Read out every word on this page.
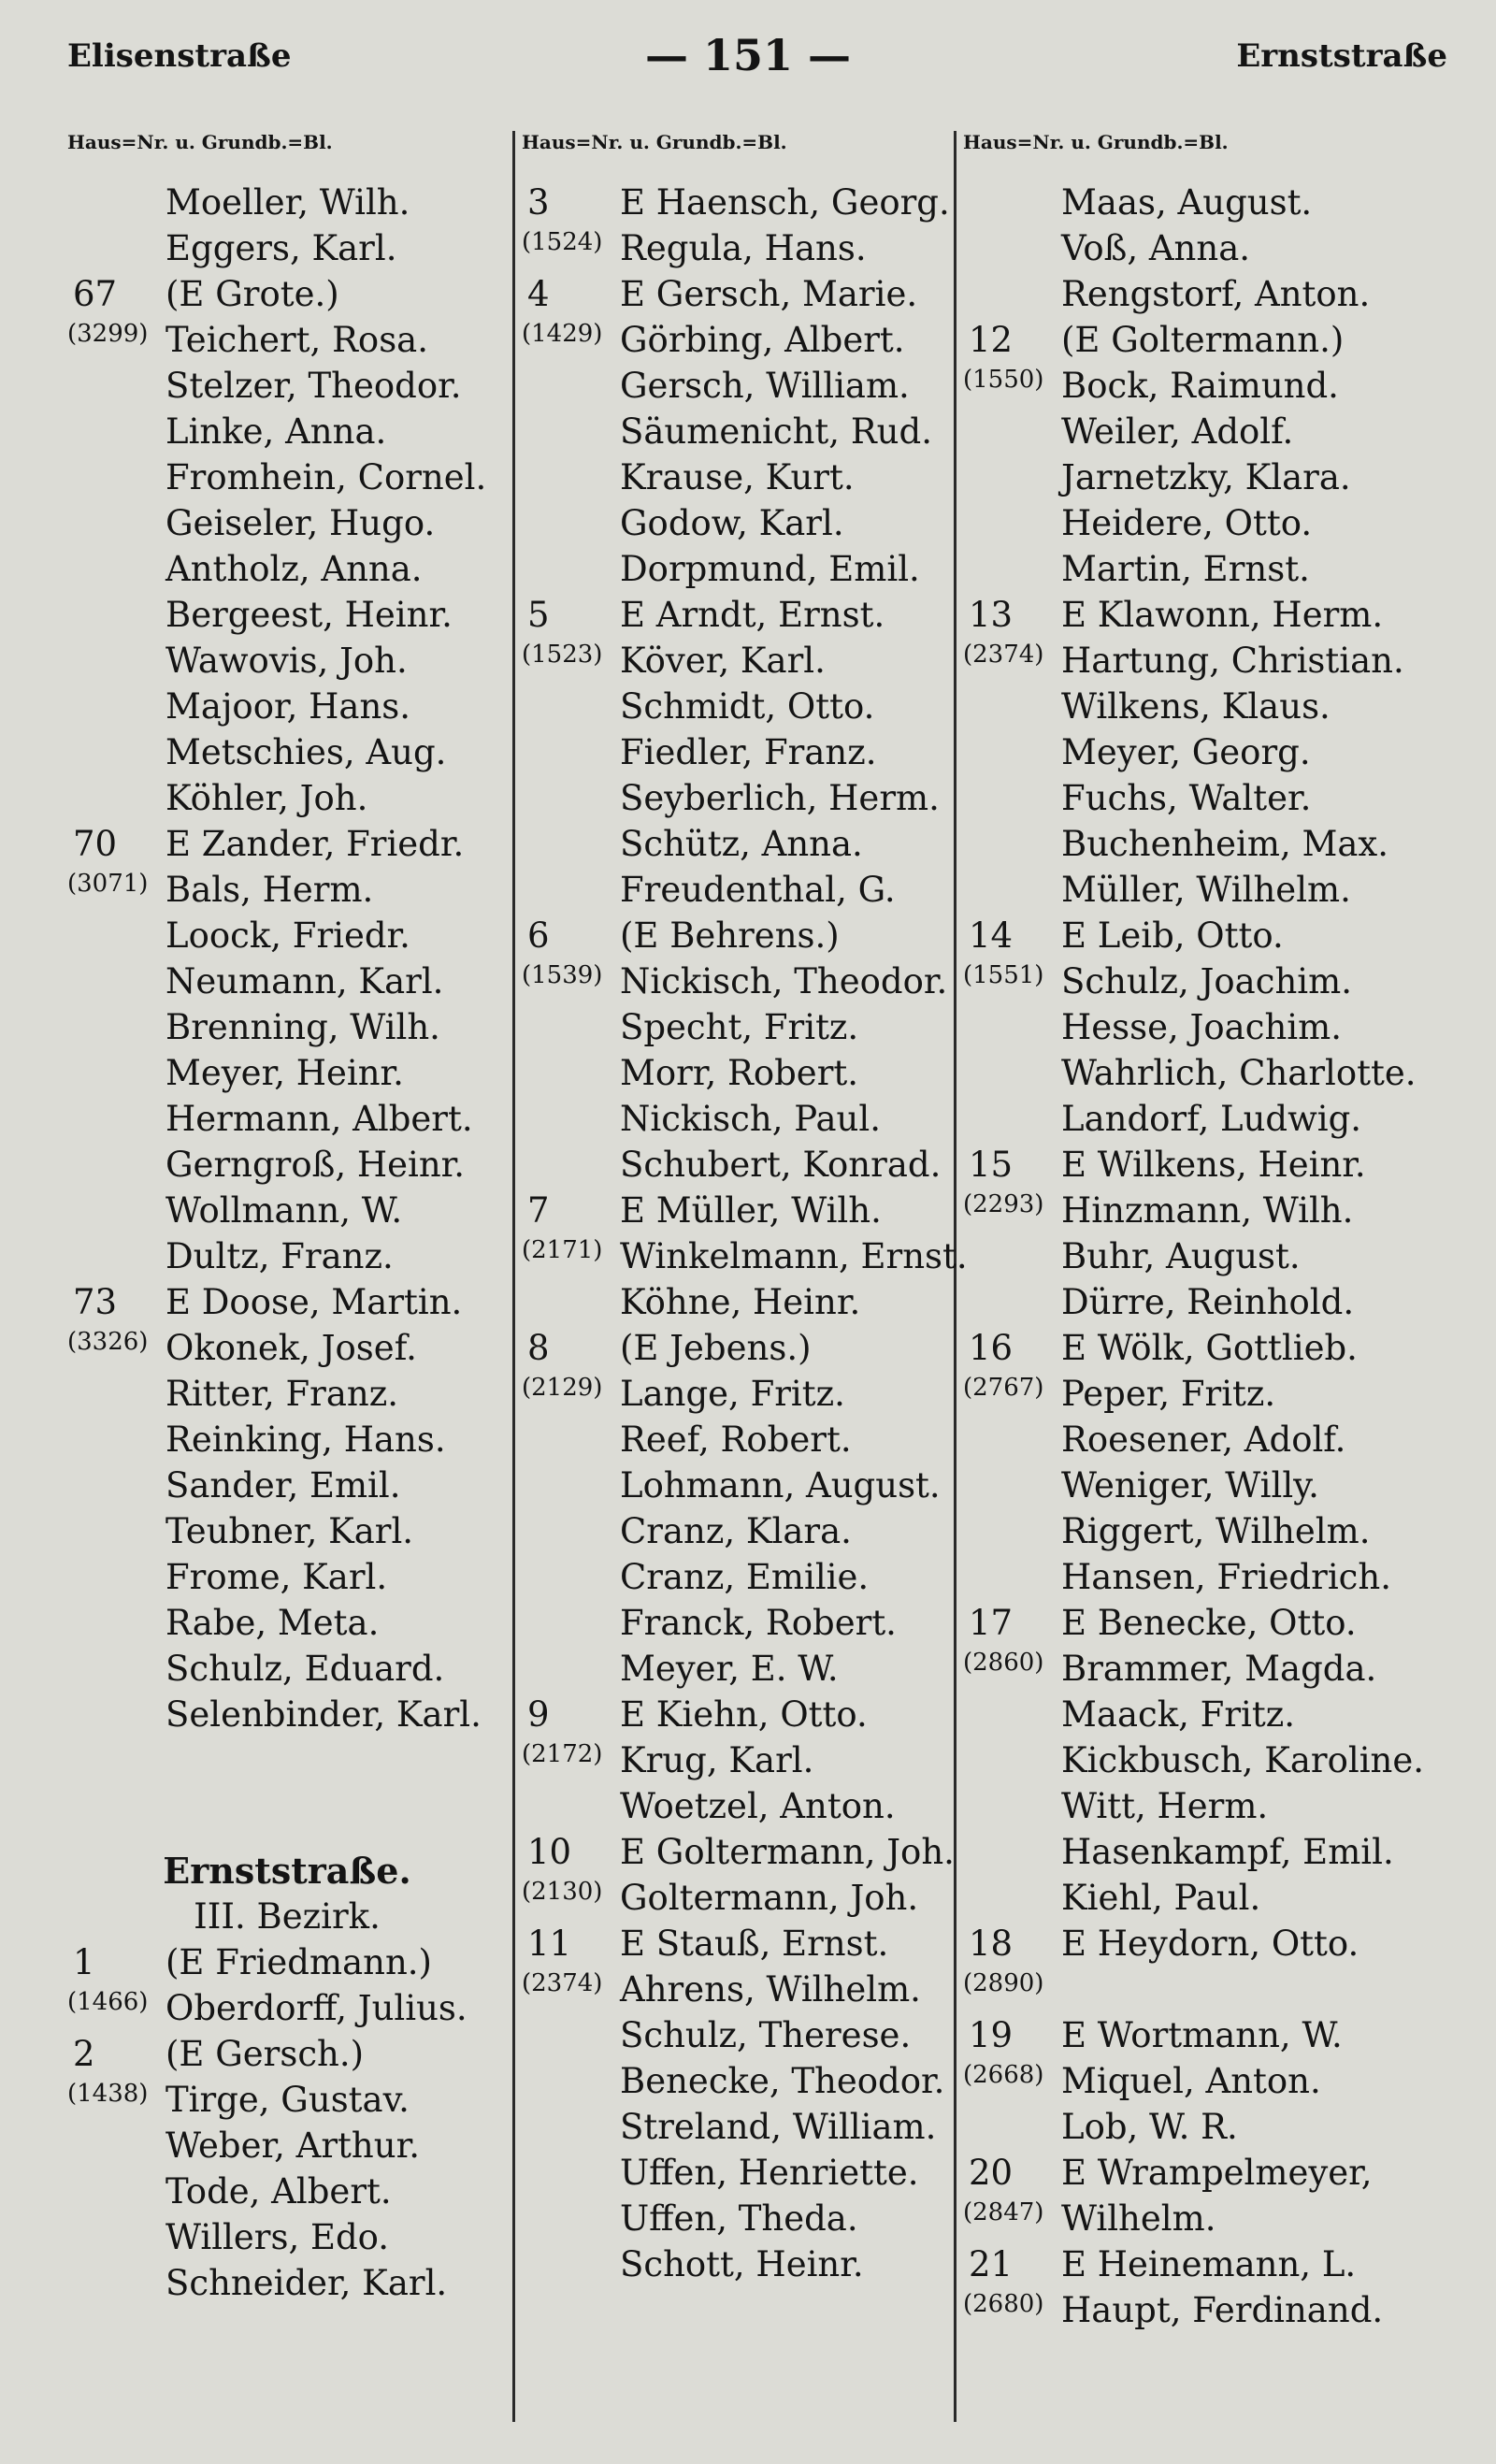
Elisenstraße	— 151 —	Ernststraße
Haus=Nr. u. Grundb.=Bl.
Moeller, Wilh.
Eggers, Karl.
67 (E Grote.)
(3299) Teichert, Rosa.
Stelzer, Theodor.
Linke, Anna.
Fromhein, Cornel.
Geiseler, Hugo.
Antholz, Anna.
Bergeest, Heinr.
Wawovis, Joh.
Majoor, Hans.
Metschies, Aug.
Köhler, Joh.
70 E Zander, Friedr.
(3071) Bals, Herm.
Loock, Friedr.
Neumann, Karl.
Brenning, Wilh.
Meyer, Heinr.
Hermann, Albert.
Gerngroß, Heinr.
Wollmann, W.
Dultz, Franz.
73 E Doose, Martin.
(3326) Okonek, Josef.
Ritter, Franz.
Reinking, Hans.
Sander, Emil.
Teubner, Karl.
Frome, Karl.
Rabe, Meta.
Schulz, Eduard.
Selenbinder, Karl.
Ernststraße.
III. Bezirk.
1 (E Friedmann.)
(1466) Oberdorff, Julius.
2 (E Gersch.)
(1438) Tirge, Gustav.
Weber, Arthur.
Tode, Albert.
Willers, Edo.
Schneider, Karl.
Haus=Nr. u. Grundb.=Bl.
3 E Haensch, Georg.
(1524) Regula, Hans.
4 E Gersch, Marie.
(1429) Görbing, Albert.
Gersch, William.
Säumenicht, Rud.
Krause, Kurt.
Godow, Karl.
Dorpmund, Emil.
5 E Arndt, Ernst.
(1523) Köver, Karl.
Schmidt, Otto.
Fiedler, Franz.
Seyberlich, Herm.
Schütz, Anna.
Freudenthal, G.
6 (E Behrens.)
(1539) Nickisch, Theodor.
Specht, Fritz.
Morr, Robert.
Nickisch, Paul.
Schubert, Konrad.
7 E Müller, Wilh.
(2171) Winkelmann, Ernst.
Köhne, Heinr.
8 (E Jebens.)
(2129) Lange, Fritz.
Reef, Robert.
Lohmann, August.
Cranz, Klara.
Cranz, Emilie.
Franck, Robert.
Meyer, E. W.
9 E Kiehn, Otto.
(2172) Krug, Karl.
Woetzel, Anton.
10 E Goltermann, Joh.
(2130) Goltermann, Joh.
11 E Stauß, Ernst.
(2374) Ahrens, Wilhelm.
Schulz, Therese.
Benecke, Theodor.
Streland, William.
Uffen, Henriette.
Uffen, Theda.
Schott, Heinr.
Haus=Nr. u. Grundb.=Bl.
Maas, August.
Voß, Anna.
Rengstorf, Anton.
12 (E Goltermann.)
(1550) Bock, Raimund.
Weiler, Adolf.
Jarnetzky, Klara.
Heidere, Otto.
Martin, Ernst.
13 E Klawonn, Herm.
(2374) Hartung, Christian.
Wilkens, Klaus.
Meyer, Georg.
Fuchs, Walter.
Buchenheim, Max.
Müller, Wilhelm.
14 E Leib, Otto.
(1551) Schulz, Joachim.
Hesse, Joachim.
Wahrlich, Charlotte.
Landorf, Ludwig.
15 E Wilkens, Heinr.
(2293) Hinzmann, Wilh.
Buhr, August.
Dürre, Reinhold.
16 E Wölk, Gottlieb.
(2767) Peper, Fritz.
Roesener, Adolf.
Weniger, Willy.
Riggert, Wilhelm.
Hansen, Friedrich.
17 E Benecke, Otto.
(2860) Brammer, Magda.
Maack, Fritz.
Kickbusch, Karoline.
Witt, Herm.
Hasenkampf, Emil.
Kiehl, Paul.
18 E Heydorn, Otto.
(2890)
19 E Wortmann, W.
(2668) Miquel, Anton.
Lob, W. R.
20 E Wrampelmeyer,
(2847) Wilhelm.
21 E Heinemann, L.
(2680) Haupt, Ferdinand.
